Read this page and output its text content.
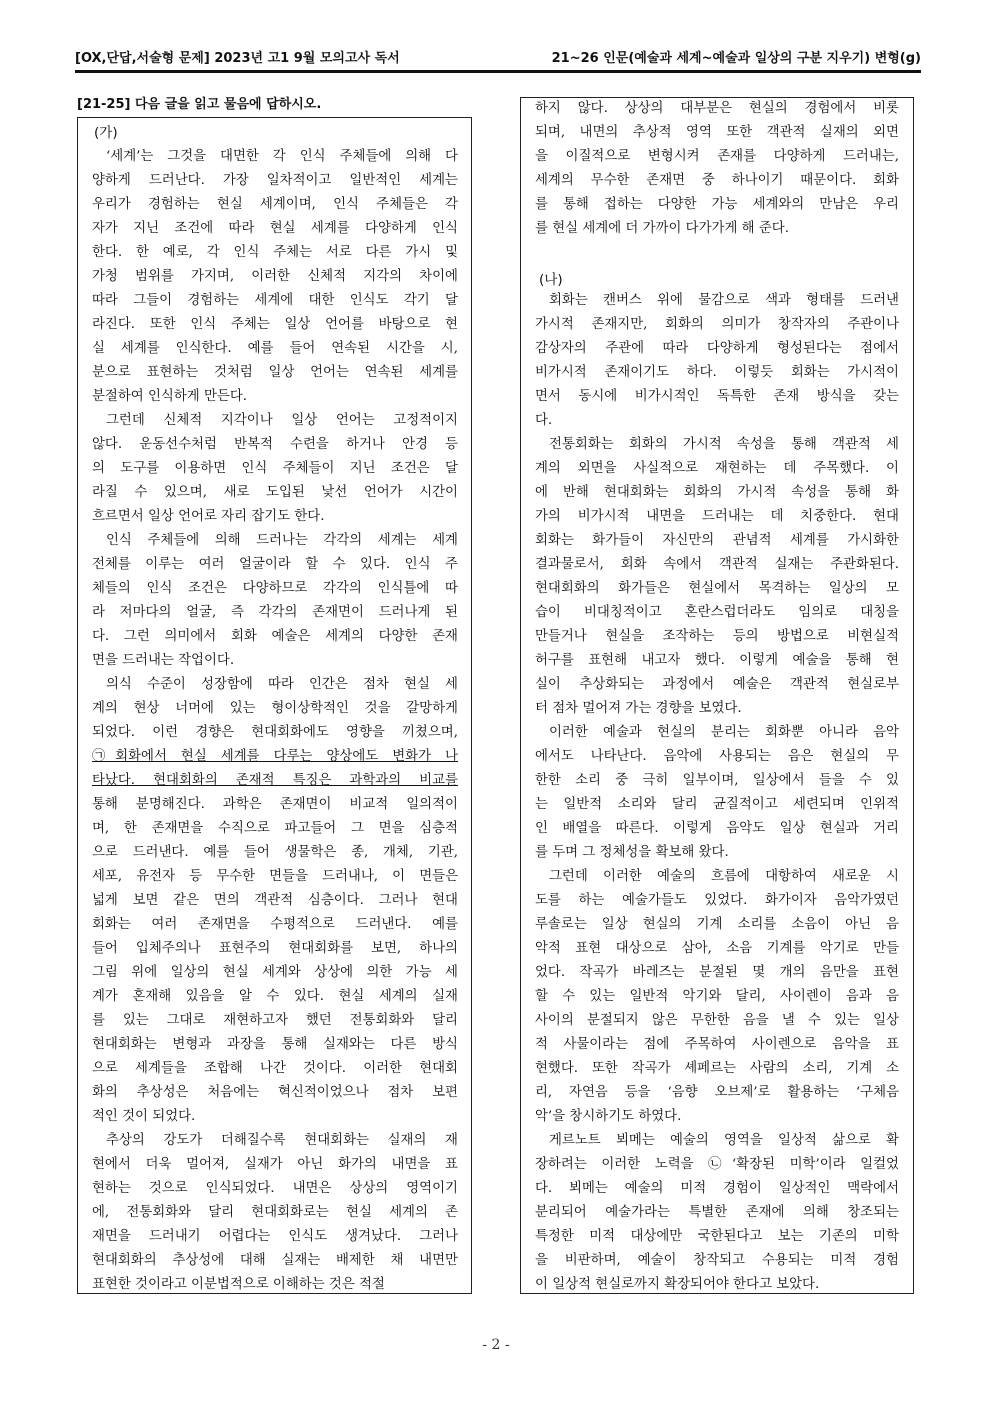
[OX,단답,서술형 문제] 2023년 고1 9월 모의고사 독서	21~26 인문(예술과 세계~예술과 일상의 구분 지우기) 변형(g)
[21-25] 다음 글을 읽고 물음에 답하시오.
(가)
(나)
‘세계’는 그것을 대면한 각 인식 주체들에 의해 다
양하게 드러난다. 가장 일차적이고 일반적인 세계는
우리가 경험하는 현실 세계이며, 인식 주체들은 각
자가 지닌 조건에 따라 현실 세계를 다양하게 인식
한다. 한 예로, 각 인식 주체는 서로 다른 가시 및
가청 범위를 가지며, 이러한 신체적 지각의 차이에
따라 그들이 경험하는 세계에 대한 인식도 각기 달
라진다. 또한 인식 주체는 일상 언어를 바탕으로 현
실 세계를 인식한다. 예를 들어 연속된 시간을 시,
분으로 표현하는 것처럼 일상 언어는 연속된 세계를
분절하여 인식하게 만든다.
그런데 신체적 지각이나 일상 언어는 고정적이지
않다. 운동선수처럼 반복적 수련을 하거나 안경 등
의 도구를 이용하면 인식 주체들이 지닌 조건은 달
라질 수 있으며, 새로 도입된 낯선 언어가 시간이
흐르면서 일상 언어로 자리 잡기도 한다.
인식 주체들에 의해 드러나는 각각의 세계는 세계
전체를 이루는 여러 얼굴이라 할 수 있다. 인식 주
체들의 인식 조건은 다양하므로 각각의 인식틀에 따
라 저마다의 얼굴, 즉 각각의 존재면이 드러나게 된
다. 그런 의미에서 회화 예술은 세계의 다양한 존재
면을 드러내는 작업이다.
의식 수준이 성장함에 따라 인간은 점차 현실 세
계의 현상 너머에 있는 형이상학적인 것을 갈망하게
되었다. 이런 경향은 현대회화에도 영향을 끼쳤으며,
㉠회화에서 현실 세계를 다루는 양상에도 변화가 나
타났다. 현대회화의 존재적 특징은 과학과의 비교를
통해 분명해진다. 과학은 존재면이 비교적 일의적이
며, 한 존재면을 수직으로 파고들어 그 면을 심층적
으로 드러낸다. 예를 들어 생물학은 종, 개체, 기관,
세포, 유전자 등 무수한 면들을 드러내나, 이 면들은
넓게 보면 같은 면의 객관적 심층이다. 그러나 현대
회화는 여러 존재면을 수평적으로 드러낸다. 예를
들어 입체주의나 표현주의 현대회화를 보면, 하나의
그림 위에 일상의 현실 세계와 상상에 의한 가능 세
계가 혼재해 있음을 알 수 있다. 현실 세계의 실재
를 있는 그대로 재현하고자 했던 전통회화와 달리
현대회화는 변형과 과장을 통해 실재와는 다른 방식
으로 세계들을 조합해 나간 것이다. 이러한 현대회
화의 추상성은 처음에는 혁신적이었으나 점차 보편
적인 것이 되었다.
추상의 강도가 더해질수록 현대회화는 실재의 재
현에서 더욱 멀어져, 실재가 아닌 화가의 내면을 표
현하는 것으로 인식되었다. 내면은 상상의 영역이기
에, 전통회화와 달리 현대회화로는 현실 세계의 존
재면을 드러내기 어렵다는 인식도 생겨났다. 그러나
현대회화의 추상성에 대해 실재는 배제한 채 내면만
표현한 것이라고 이분법적으로 이해하는 것은 적절
하지 않다. 상상의 대부분은 현실의 경험에서 비롯
되며, 내면의 추상적 영역 또한 객관적 실재의 외면
을 이질적으로 변형시켜 존재를 다양하게 드러내는,
세계의 무수한 존재면 중 하나이기 때문이다. 회화
를 통해 접하는 다양한 가능 세계와의 만남은 우리
를 현실 세계에 더 가까이 다가가게 해 준다.
회화는 캔버스 위에 물감으로 색과 형태를 드러낸
가시적 존재지만, 회화의 의미가 창작자의 주관이나
감상자의 주관에 따라 다양하게 형성된다는 점에서
비가시적 존재이기도 하다. 이렇듯 회화는 가시적이
면서 동시에 비가시적인 독특한 존재 방식을 갖는
다.
전통회화는 회화의 가시적 속성을 통해 객관적 세
계의 외면을 사실적으로 재현하는 데 주목했다. 이
에 반해 현대회화는 회화의 가시적 속성을 통해 화
가의 비가시적 내면을 드러내는 데 치중한다. 현대
회화는 화가들이 자신만의 관념적 세계를 가시화한
결과물로서, 회화 속에서 객관적 실재는 주관화된다.
현대회화의 화가들은 현실에서 목격하는 일상의 모
습이 비대칭적이고 혼란스럽더라도 임의로 대칭을
만들거나 현실을 조작하는 등의 방법으로 비현실적
허구를 표현해 내고자 했다. 이렇게 예술을 통해 현
실이 추상화되는 과정에서 예술은 객관적 현실로부
터 점차 멀어져 가는 경향을 보였다.
이러한 예술과 현실의 분리는 회화뿐 아니라 음악
에서도 나타난다. 음악에 사용되는 음은 현실의 무
한한 소리 중 극히 일부이며, 일상에서 들을 수 있
는 일반적 소리와 달리 균질적이고 세련되며 인위적
인 배열을 따른다. 이렇게 음악도 일상 현실과 거리
를 두며 그 정체성을 확보해 왔다.
그런데 이러한 예술의 흐름에 대항하여 새로운 시
도를 하는 예술가들도 있었다. 화가이자 음악가였던
루솔로는 일상 현실의 기계 소리를 소음이 아닌 음
악적 표현 대상으로 삼아, 소음 기계를 악기로 만들
었다. 작곡가 바레즈는 분절된 몇 개의 음만을 표현
할 수 있는 일반적 악기와 달리, 사이렌이 음과 음
사이의 분절되지 않은 무한한 음을 낼 수 있는 일상
적 사물이라는 점에 주목하여 사이렌으로 음악을 표
현했다. 또한 작곡가 셰페르는 사람의 소리, 기계 소
리, 자연음 등을 ‘음향 오브제’로 활용하는 ‘구체음
악’을 창시하기도 하였다.
게르노트 뵈메는 예술의 영역을 일상적 삶으로 확
장하려는 이러한 노력을 ㉡‘확장된 미학’이라 일컬었
다. 뵈메는 예술의 미적 경험이 일상적인 맥락에서
분리되어 예술가라는 특별한 존재에 의해 창조되는
특정한 미적 대상에만 국한된다고 보는 기존의 미학
을 비판하며, 예술이 창작되고 수용되는 미적 경험
이 일상적 현실로까지 확장되어야 한다고 보았다.
- 2 -
